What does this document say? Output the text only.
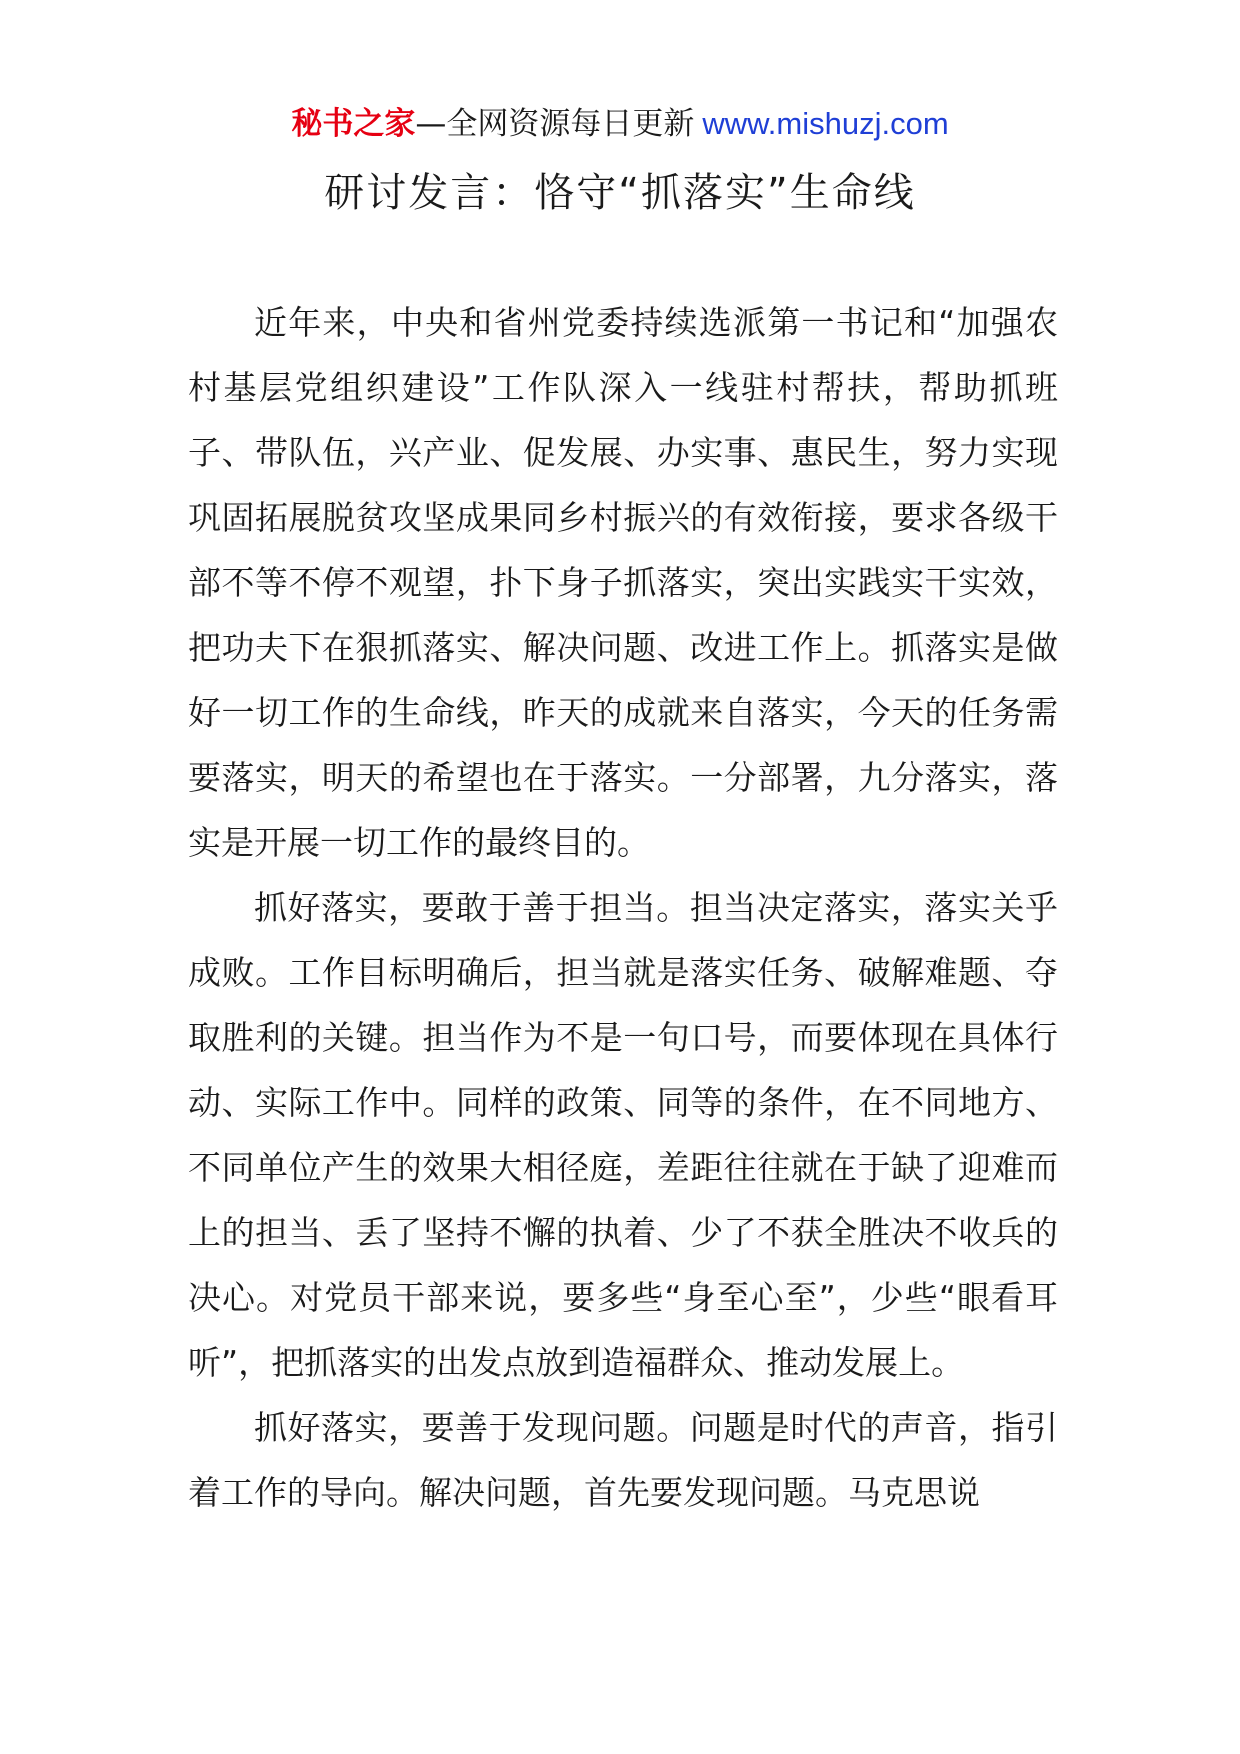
秘书之家—全网资源每日更新 www.mishuzj.com
研讨发言：恪守“抓落实”生命线

近年来，中央和省州党委持续选派第一书记和“加强农村基层党组织建设”工作队深入一线驻村帮扶，帮助抓班子、带队伍，兴产业、促发展、办实事、惠民生，努力实现巩固拓展脱贫攻坚成果同乡村振兴的有效衔接，要求各级干部不等不停不观望，扑下身子抓落实，突出实践实干实效，把功夫下在狠抓落实、解决问题、改进工作上。抓落实是做好一切工作的生命线，昨天的成就来自落实，今天的任务需要落实，明天的希望也在于落实。一分部署，九分落实，落实是开展一切工作的最终目的。

抓好落实，要敢于善于担当。担当决定落实，落实关乎成败。工作目标明确后，担当就是落实任务、破解难题、夺取胜利的关键。担当作为不是一句口号，而要体现在具体行动、实际工作中。同样的政策、同等的条件，在不同地方、不同单位产生的效果大相径庭，差距往往就在于缺了迎难而上的担当、丢了坚持不懈的执着、少了不获全胜决不收兵的决心。对党员干部来说，要多些“身至心至”，少些“眼看耳听”，把抓落实的出发点放到造福群众、推动发展上。

抓好落实，要善于发现问题。问题是时代的声音，指引着工作的导向。解决问题，首先要发现问题。马克思说
